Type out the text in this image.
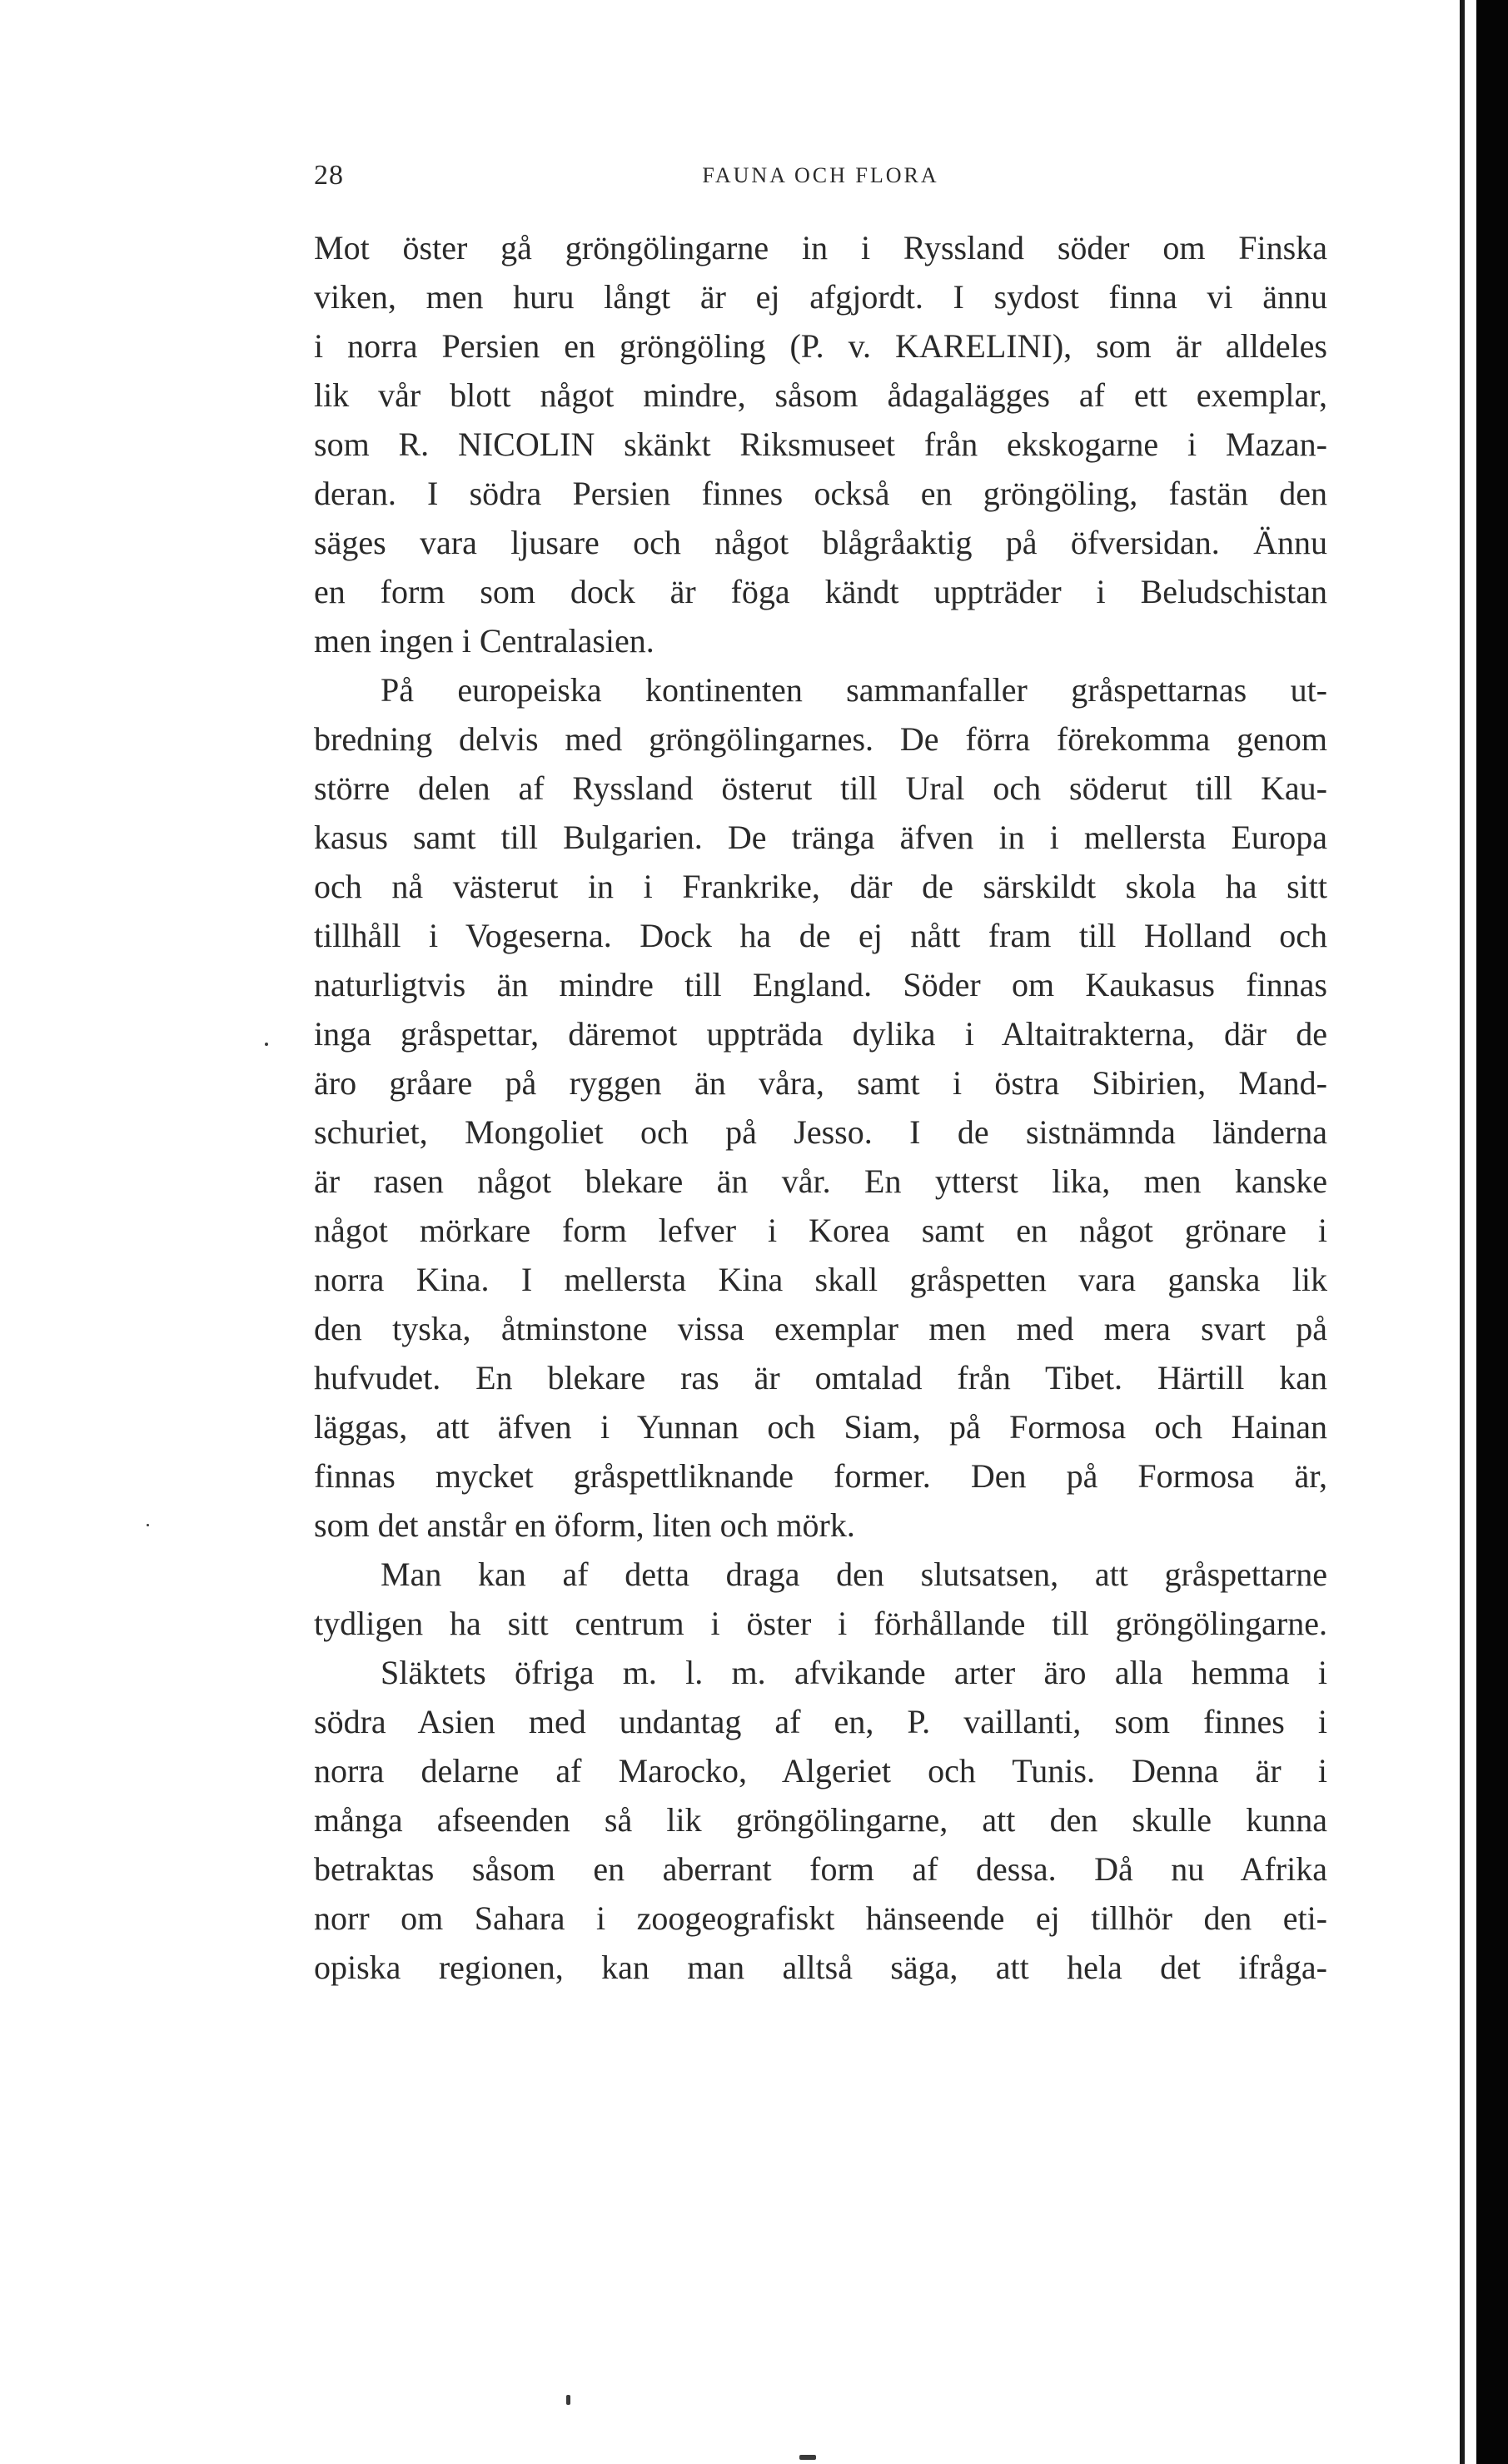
28	FAUNA OCH FLORA
Mot öster gå gröngölingarne in i Ryssland söder om Finska
viken, men huru långt är ej afgjordt. I sydost finna vi ännu
i norra Persien en gröngöling (P. v. KARELINI), som är alldeles
lik vår blott något mindre, såsom ådagalägges af ett exemplar,
som R. NICOLIN skänkt Riksmuseet från ekskogarne i Mazan-
deran. I södra Persien finnes också en gröngöling, fastän den
säges vara ljusare och något blågråaktig på öfversidan. Ännu
en form som dock är föga kändt uppträder i Beludschistan
men ingen i Centralasien.
På europeiska kontinenten sammanfaller gråspettarnas ut-
bredning delvis med gröngölingarnes. De förra förekomma genom
större delen af Ryssland österut till Ural och söderut till Kau-
kasus samt till Bulgarien. De tränga äfven in i mellersta Europa
och nå västerut in i Frankrike, där de särskildt skola ha sitt
tillhåll i Vogeserna. Dock ha de ej nått fram till Holland och
naturligtvis än mindre till England. Söder om Kaukasus finnas
inga gråspettar, däremot uppträda dylika i Altaitrakterna, där de
äro gråare på ryggen än våra, samt i östra Sibirien, Mand-
schuriet, Mongoliet och på Jesso. I de sistnämnda länderna
är rasen något blekare än vår. En ytterst lika, men kanske
något mörkare form lefver i Korea samt en något grönare i
norra Kina. I mellersta Kina skall gråspetten vara ganska lik
den tyska, åtminstone vissa exemplar men med mera svart på
hufvudet. En blekare ras är omtalad från Tibet. Härtill kan
läggas, att äfven i Yunnan och Siam, på Formosa och Hainan
finnas mycket gråspettliknande former. Den på Formosa är,
som det anstår en öform, liten och mörk.
Man kan af detta draga den slutsatsen, att gråspettarne
tydligen ha sitt centrum i öster i förhållande till gröngölingarne.
Släktets öfriga m. l. m. afvikande arter äro alla hemma i
södra Asien med undantag af en, P. vaillanti, som finnes i
norra delarne af Marocko, Algeriet och Tunis. Denna är i
många afseenden så lik gröngölingarne, att den skulle kunna
betraktas såsom en aberrant form af dessa. Då nu Afrika
norr om Sahara i zoogeografiskt hänseende ej tillhör den eti-
opiska regionen, kan man alltså säga, att hela det ifråga-
